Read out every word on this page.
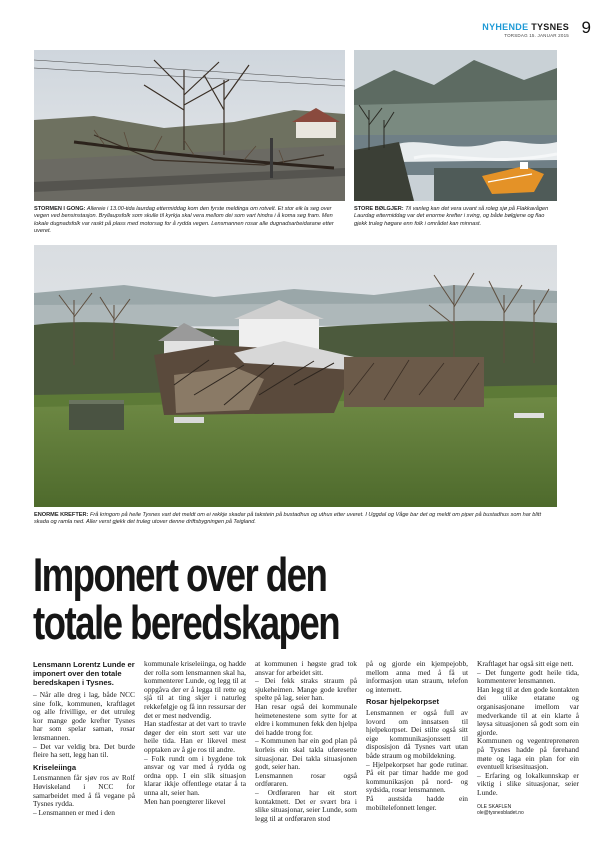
NYHENDE TYSNES
TORSDAG 15. JANUAR 2015 9

STORMEN I GONG: Allereie i 13.00-tida laurdag ettermiddag kom den fyrste meldinga om rotvelt. Et stor eik la seg over vegen ved bensinstasjon. Bryllaupsfolk som skulle til kyrkja skal vera mellom dei som vart hindra i å koma seg fram. Men lokale dugnadsfolk var raskt på plass med motorsag for å rydda vegen. Lensmannen rosar alle dugnadsarbeidarane etter uveret.

STORE BØLGJER: Til vanleg kan det vera uvant så roleg sjø på Flakkavågen Laurdag ettermiddag var det enorme krefter i sving, og både bølgjene og flao gjekk truleg høgare enn folk i området kan minnast.

ENORME KREFTER: Frå kringom på heile Tysnes vart det meldt om ei rekkje skadar på takstein på bustadhus og uthus etter uveret. I Uggdal og Våge bar det og meldt om piper på bustadhus som har blitt skada og ramla ned. Aller verst gjekk det truleg utover denne driftsbygningen på Teigland.

Imponert over den
totale beredskapen

Lensmann Lorentz Lunde er imponert over den totale beredskapen i Tysnes.

– Når alle dreg i lag, både NCC sine folk, kommunen, kraftlaget og alle frivillige, er det utruleg kor mange gode krefter Tysnes har som spelar saman, rosar lensmannen.

– Det var veldig bra. Det burde fleire ha sett, legg han til.

Kriseleiinga

Lensmannen får sjøv ros av Rolf Høviskeland i NCC for samarbeidet med å få vegane på Tysnes rydda.

– Lensmannen er med i den

kommunale kriseleiinga, og hadde der rolla som lensmannen skal ha, kommenterer Lunde, og legg til at oppgåva der er å legga til rette og sjå til at ting skjer i naturleg rekkefølgje og få inn ressursar der det er mest nødvendig.

Han stadfestar at det vart to travle døger der ein stort sett var ute heile tida. Han er likevel mest opptaken av å gje ros til andre.

– Folk rundt om i bygdene tok ansvar og var med å rydda og ordna opp. I ein slik situasjon klarar ikkje offentlege etatar å ta unna alt, seier han.

Men han poengterer likevel

at kommunen i høgste grad tok ansvar for arbeidet sitt.

– Dei fekk straks straum på sjukeheimen. Mange gode krefter spelte på lag, seier han.

Han resar også dei kommunale heimetenestene som sytte for at eldre i kommunen fekk den hjelpa dei hadde trong for.

– Kommunen har ein god plan på korleis ein skal takla uføresette situasjonar. Dei takla situasjonen godt, seier han.

Lensmannen rosar også ordføraren.

– Ordføraren har eit stort kontaktnett. Det er svært bra i slike situasjonar, seier Lunde, som legg til at ordføraren stod

på og gjorde ein kjempejobb, mellom anna med å få ut informasjon utan straum, telefon og internett.

Rosar hjelpekorpset

Lensmannen er også full av lovord om innsatsen til hjelpekorpset. Dei stilte også sitt eige kommunikasjonssett til disposisjon då Tysnes vart utan både straum og mobildekning.

– Hjelpekorpset har gode rutinar. På eit par timar hadde me god kommunikasjon på nord- og sydsida, rosar lensmannen.

På austsida hadde ein mobiltelefonnett lenger.

Kraftlaget har også sitt eige nett.

– Det fungerte godt heile tida, kommenterer lensmannen.

Han legg til at den gode kontakten dei ulike etatane og organisasjonane imellom var medverkande til at ein klarte å løysa situasjonen så godt som ein gjorde.

Kommunen og vegentreprenøren på Tysnes hadde på førehand møte og laga ein plan for ein eventuell krisesituasjon.

– Erfaring og lokalkunnskap er viktig i slike situasjonar, seier Lunde.

OLE SKAFLEN
ole@tysnesbladet.no
